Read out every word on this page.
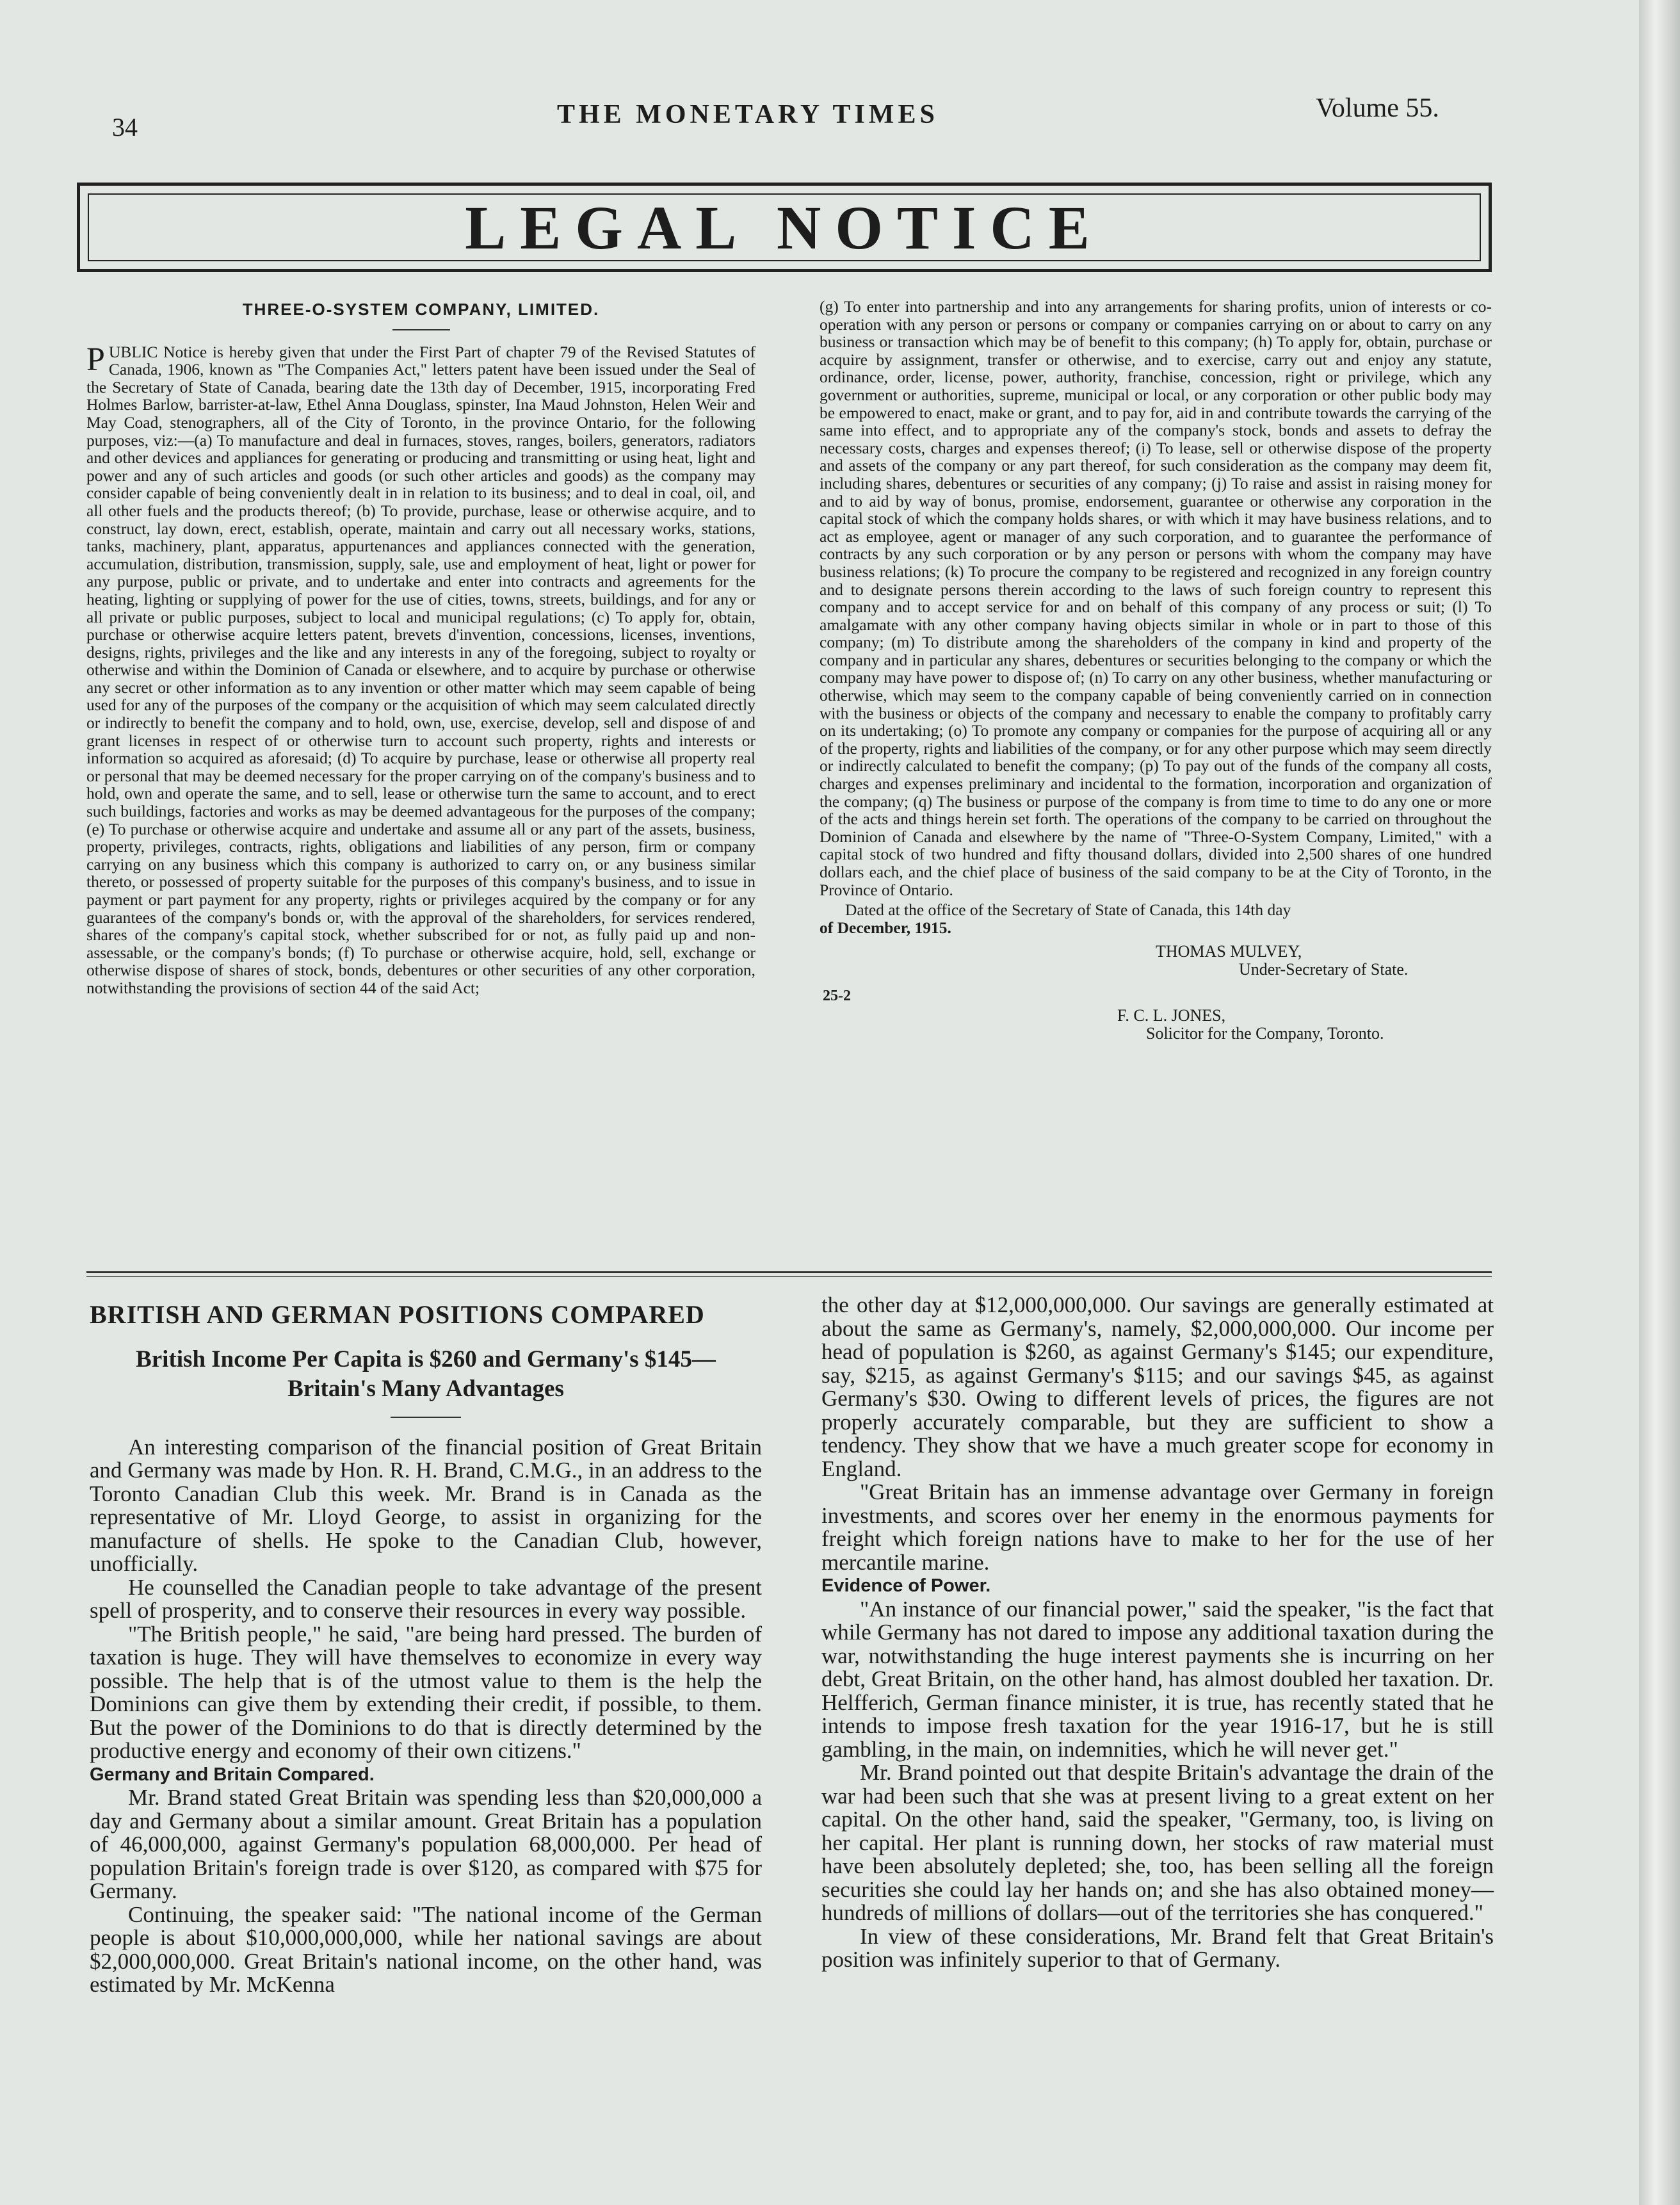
34	THE MONETARY TIMES	Volume 55.
LEGAL NOTICE
THREE-O-SYSTEM COMPANY, LIMITED.

PUBLIC Notice is hereby given that under the First Part of chapter 79 of the Revised Statutes of Canada, 1906, known as "The Companies Act," letters patent have been issued under the Seal of the Secretary of State of Canada, bearing date the 13th day of December, 1915, incorporating Fred Holmes Barlow, barrister-at-law, Ethel Anna Douglass, spinster, Ina Maud Johnston, Helen Weir and May Coad, stenographers, all of the City of Toronto, in the province Ontario, for the following purposes, viz:—(a) To manufacture and deal in furnaces, stoves, ranges, boilers, generators, radiators and other devices and appliances for generating or producing and transmitting or using heat, light and power and any of such articles and goods (or such other articles and goods) as the company may consider capable of being conveniently dealt in in relation to its business; and to deal in coal, oil, and all other fuels and the products thereof; (b) To provide, purchase, lease or otherwise acquire, and to construct, lay down, erect, establish, operate, maintain and carry out all necessary works, stations, tanks, machinery, plant, apparatus, appurtenances and appliances connected with the generation, accumulation, distribution, transmission, supply, sale, use and employment of heat, light or power for any purpose, public or private, and to undertake and enter into contracts and agreements for the heating, lighting or supplying of power for the use of cities, towns, streets, buildings, and for any or all private or public purposes, subject to local and municipal regulations; (c) To apply for, obtain, purchase or otherwise acquire letters patent, brevets d'invention, concessions, licenses, inventions, designs, rights, privileges and the like and any interests in any of the foregoing, subject to royalty or otherwise and within the Dominion of Canada or elsewhere, and to acquire by purchase or otherwise any secret or other information as to any invention or other matter which may seem capable of being used for any of the purposes of the company or the acquisition of which may seem calculated directly or indirectly to benefit the company and to hold, own, use, exercise, develop, sell and dispose of and grant licenses in respect of or otherwise turn to account such property, rights and interests or information so acquired as aforesaid; (d) To acquire by purchase, lease or otherwise all property real or personal that may be deemed necessary for the proper carrying on of the company's business and to hold, own and operate the same, and to sell, lease or otherwise turn the same to account, and to erect such buildings, factories and works as may be deemed advantageous for the purposes of the company; (e) To purchase or otherwise acquire and undertake and assume all or any part of the assets, business, property, privileges, contracts, rights, obligations and liabilities of any person, firm or company carrying on any business which this company is authorized to carry on, or any business similar thereto, or possessed of property suitable for the purposes of this company's business, and to issue in payment or part payment for any property, rights or privileges acquired by the company or for any guarantees of the company's bonds or, with the approval of the shareholders, for services rendered, shares of the company's capital stock, whether subscribed for or not, as fully paid up and non-assessable, or the company's bonds; (f) To purchase or otherwise acquire, hold, sell, exchange or otherwise dispose of shares of stock, bonds, debentures or other securities of any other corporation, notwithstanding the provisions of section 44 of the said Act;

(g) To enter into partnership and into any arrangements for sharing profits, union of interests or co-operation with any person or persons or company or companies carrying on or about to carry on any business or transaction which may be of benefit to this company; (h) To apply for, obtain, purchase or acquire by assignment, transfer or otherwise, and to exercise, carry out and enjoy any statute, ordinance, order, license, power, authority, franchise, concession, right or privilege, which any government or authorities, supreme, municipal or local, or any corporation or other public body may be empowered to enact, make or grant, and to pay for, aid in and contribute towards the carrying of the same into effect, and to appropriate any of the company's stock, bonds and assets to defray the necessary costs, charges and expenses thereof; (i) To lease, sell or otherwise dispose of the property and assets of the company or any part thereof, for such consideration as the company may deem fit, including shares, debentures or securities of any company; (j) To raise and assist in raising money for and to aid by way of bonus, promise, endorsement, guarantee or otherwise any corporation in the capital stock of which the company holds shares, or with which it may have business relations, and to act as employee, agent or manager of any such corporation, and to guarantee the performance of contracts by any such corporation or by any person or persons with whom the company may have business relations; (k) To procure the company to be registered and recognized in any foreign country and to designate persons therein according to the laws of such foreign country to represent this company and to accept service for and on behalf of this company of any process or suit; (l) To amalgamate with any other company having objects similar in whole or in part to those of this company; (m) To distribute among the shareholders of the company in kind and property of the company and in particular any shares, debentures or securities belonging to the company or which the company may have power to dispose of; (n) To carry on any other business, whether manufacturing or otherwise, which may seem to the company capable of being conveniently carried on in connection with the business or objects of the company and necessary to enable the company to profitably carry on its undertaking; (o) To promote any company or companies for the purpose of acquiring all or any of the property, rights and liabilities of the company, or for any other purpose which may seem directly or indirectly calculated to benefit the company; (p) To pay out of the funds of the company all costs, charges and expenses preliminary and incidental to the formation, incorporation and organization of the company; (q) The business or purpose of the company is from time to time to do any one or more of the acts and things herein set forth. The operations of the company to be carried on throughout the Dominion of Canada and elsewhere by the name of "Three-O-System Company, Limited," with a capital stock of two hundred and fifty thousand dollars, divided into 2,500 shares of one hundred dollars each, and the chief place of business of the said company to be at the City of Toronto, in the Province of Ontario.

Dated at the office of the Secretary of State of Canada, this 14th day
of December, 1915.

THOMAS MULVEY,
Under-Secretary of State.
25-2
F. C. L. JONES,
Solicitor for the Company, Toronto.
BRITISH AND GERMAN POSITIONS COMPARED
British Income Per Capita is $260 and Germany's $145—
Britain's Many Advantages

An interesting comparison of the financial position of Great Britain and Germany was made by Hon. R. H. Brand, C.M.G., in an address to the Toronto Canadian Club this week. Mr. Brand is in Canada as the representative of Mr. Lloyd George, to assist in organizing for the manufacture of shells. He spoke to the Canadian Club, however, unofficially.

He counselled the Canadian people to take advantage of the present spell of prosperity, and to conserve their resources in every way possible.

"The British people," he said, "are being hard pressed. The burden of taxation is huge. They will have themselves to economize in every way possible. The help that is of the utmost value to them is the help the Dominions can give them by extending their credit, if possible, to them. But the power of the Dominions to do that is directly determined by the productive energy and economy of their own citizens."

Germany and Britain Compared.

Mr. Brand stated Great Britain was spending less than $20,000,000 a day and Germany about a similar amount. Great Britain has a population of 46,000,000, against Germany's population 68,000,000. Per head of population Britain's foreign trade is over $120, as compared with $75 for Germany.

Continuing, the speaker said: "The national income of the German people is about $10,000,000,000, while her national savings are about $2,000,000,000. Great Britain's national income, on the other hand, was estimated by Mr. McKenna

the other day at $12,000,000,000. Our savings are generally estimated at about the same as Germany's, namely, $2,000,000,000. Our income per head of population is $260, as against Germany's $145; our expenditure, say, $215, as against Germany's $115; and our savings $45, as against Germany's $30. Owing to different levels of prices, the figures are not properly accurately comparable, but they are sufficient to show a tendency. They show that we have a much greater scope for economy in England.

"Great Britain has an immense advantage over Germany in foreign investments, and scores over her enemy in the enormous payments for freight which foreign nations have to make to her for the use of her mercantile marine.

Evidence of Power.

"An instance of our financial power," said the speaker, "is the fact that while Germany has not dared to impose any additional taxation during the war, notwithstanding the huge interest payments she is incurring on her debt, Great Britain, on the other hand, has almost doubled her taxation. Dr. Helfferich, German finance minister, it is true, has recently stated that he intends to impose fresh taxation for the year 1916-17, but he is still gambling, in the main, on indemnities, which he will never get."

Mr. Brand pointed out that despite Britain's advantage the drain of the war had been such that she was at present living to a great extent on her capital. On the other hand, said the speaker, "Germany, too, is living on her capital. Her plant is running down, her stocks of raw material must have been absolutely depleted; she, too, has been selling all the foreign securities she could lay her hands on; and she has also obtained money—hundreds of millions of dollars—out of the territories she has conquered."

In view of these considerations, Mr. Brand felt that Great Britain's position was infinitely superior to that of Germany.
